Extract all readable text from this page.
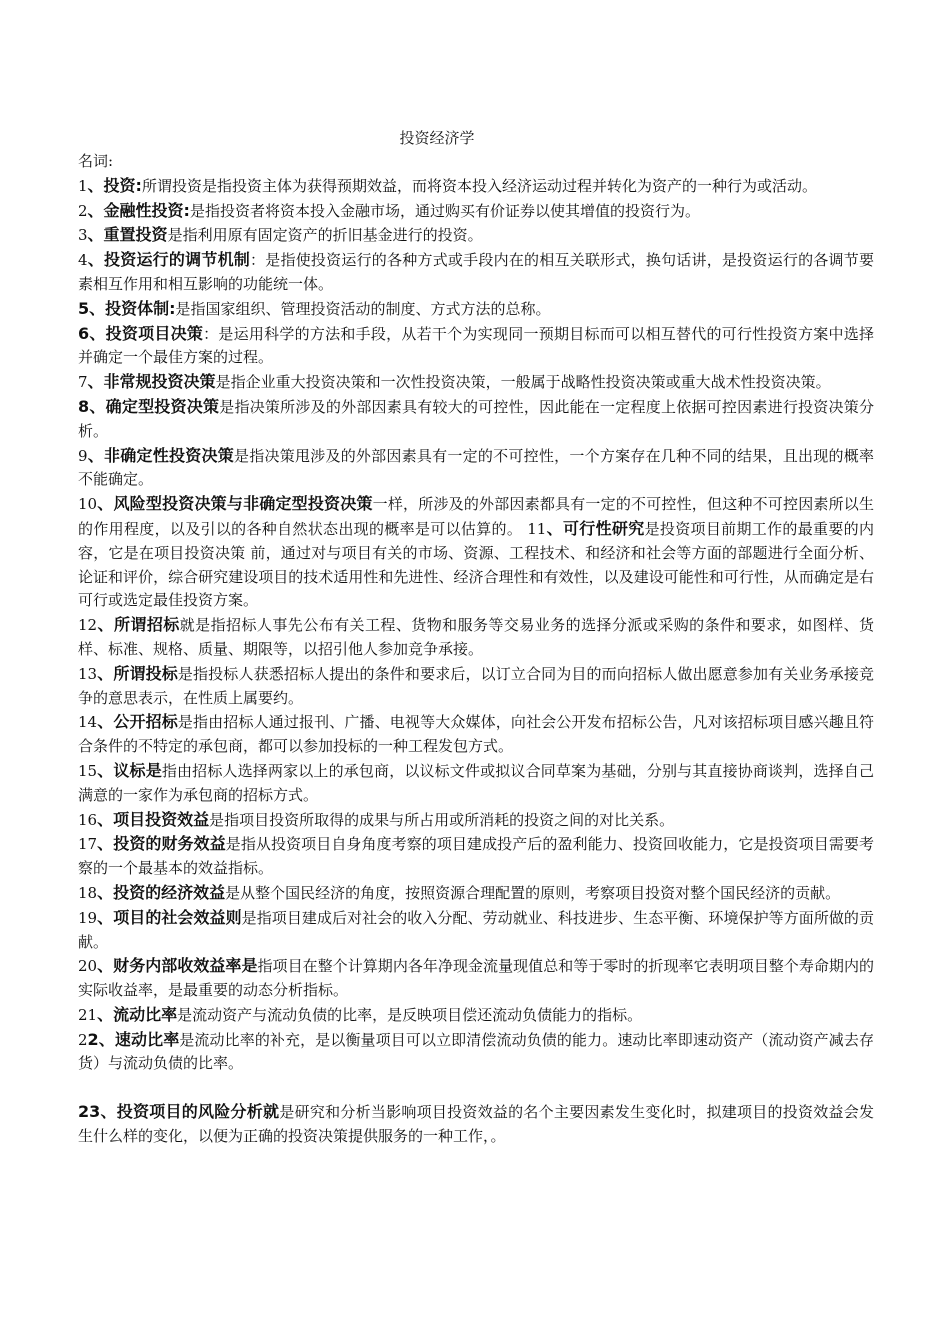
投资经济学

名词:

1、投资:所谓投资是指投资主体为获得预期效益，而将资本投入经济运动过程并转化为资产的一种行为或活动。

2、金融性投资:是指投资者将资本投入金融市场，通过购买有价证券以使其增值的投资行为。

3、重置投资是指利用原有固定资产的折旧基金进行的投资。

4、投资运行的调节机制：是指使投资运行的各种方式或手段内在的相互关联形式，换句话讲，是投资运行的各调节要素相互作用和相互影响的功能统一体。

5、投资体制:是指国家组织、管理投资活动的制度、方式方法的总称。

6、投资项目决策：是运用科学的方法和手段，从若干个为实现同一预期目标而可以相互替代的可行性投资方案中选择并确定一个最佳方案的过程。

7、非常规投资决策是指企业重大投资决策和一次性投资决策，一般属于战略性投资决策或重大战术性投资决策。

8、确定型投资决策是指决策所涉及的外部因素具有较大的可控性，因此能在一定程度上依据可控因素进行投资决策分析。

9、非确定性投资决策是指决策甩涉及的外部因素具有一定的不可控性，一个方案存在几种不同的结果，且出现的概率不能确定。

10、风险型投资决策与非确定型投资决策一样，所涉及的外部因素都具有一定的不可控性，但这种不可控因素所以生的作用程度，以及引以的各种自然状态出现的概率是可以估算的。 11、可行性研究是投资项目前期工作的最重要的内容，它是在项目投资决策 前，通过对与项目有关的市场、资源、工程技术、和经济和社会等方面的部题进行全面分析、论证和评价，综合研究建设项目的技术适用性和先进性、经济合理性和有效性，以及建设可能性和可行性，从而确定是右可行或选定最佳投资方案。

12、所谓招标就是指招标人事先公布有关工程、货物和服务等交易业务的选择分派或采购的条件和要求，如图样、货样、标准、规格、质量、期限等，以招引他人参加竞争承接。

13、所谓投标是指投标人获悉招标人提出的条件和要求后，以订立合同为目的而向招标人做出愿意参加有关业务承接竞争的意思表示，在性质上属要约。

14、公开招标是指由招标人通过报刊、广播、电视等大众媒体，向社会公开发布招标公告，凡对该招标项目感兴趣且符合条件的不特定的承包商，都可以参加投标的一种工程发包方式。

15、议标是指由招标人选择两家以上的承包商，以议标文件或拟议合同草案为基础，分别与其直接协商谈判，选择自己满意的一家作为承包商的招标方式。

16、项目投资效益是指项目投资所取得的成果与所占用或所消耗的投资之间的对比关系。

17、投资的财务效益是指从投资项目自身角度考察的项目建成投产后的盈利能力、投资回收能力，它是投资项目需要考察的一个最基本的效益指标。

18、投资的经济效益是从整个国民经济的角度，按照资源合理配置的原则，考察项目投资对整个国民经济的贡献。

19、项目的社会效益则是指项目建成后对社会的收入分配、劳动就业、科技进步、生态平衡、环境保护等方面所做的贡献。

20、财务内部收效益率是指项目在整个计算期内各年净现金流量现值总和等于零时的折现率它表明项目整个寿命期内的实际收益率，是最重要的动态分析指标。

21、流动比率是流动资产与流动负债的比率，是反映项目偿还流动负债能力的指标。

22、速动比率是流动比率的补充，是以衡量项目可以立即清偿流动负债的能力。速动比率即速动资产（流动资产减去存货）与流动负债的比率。

23、投资项目的风险分析就是研究和分析当影响项目投资效益的名个主要因素发生变化时，拟建项目的投资效益会发生什么样的变化，以便为正确的投资决策提供服务的一种工作，。
